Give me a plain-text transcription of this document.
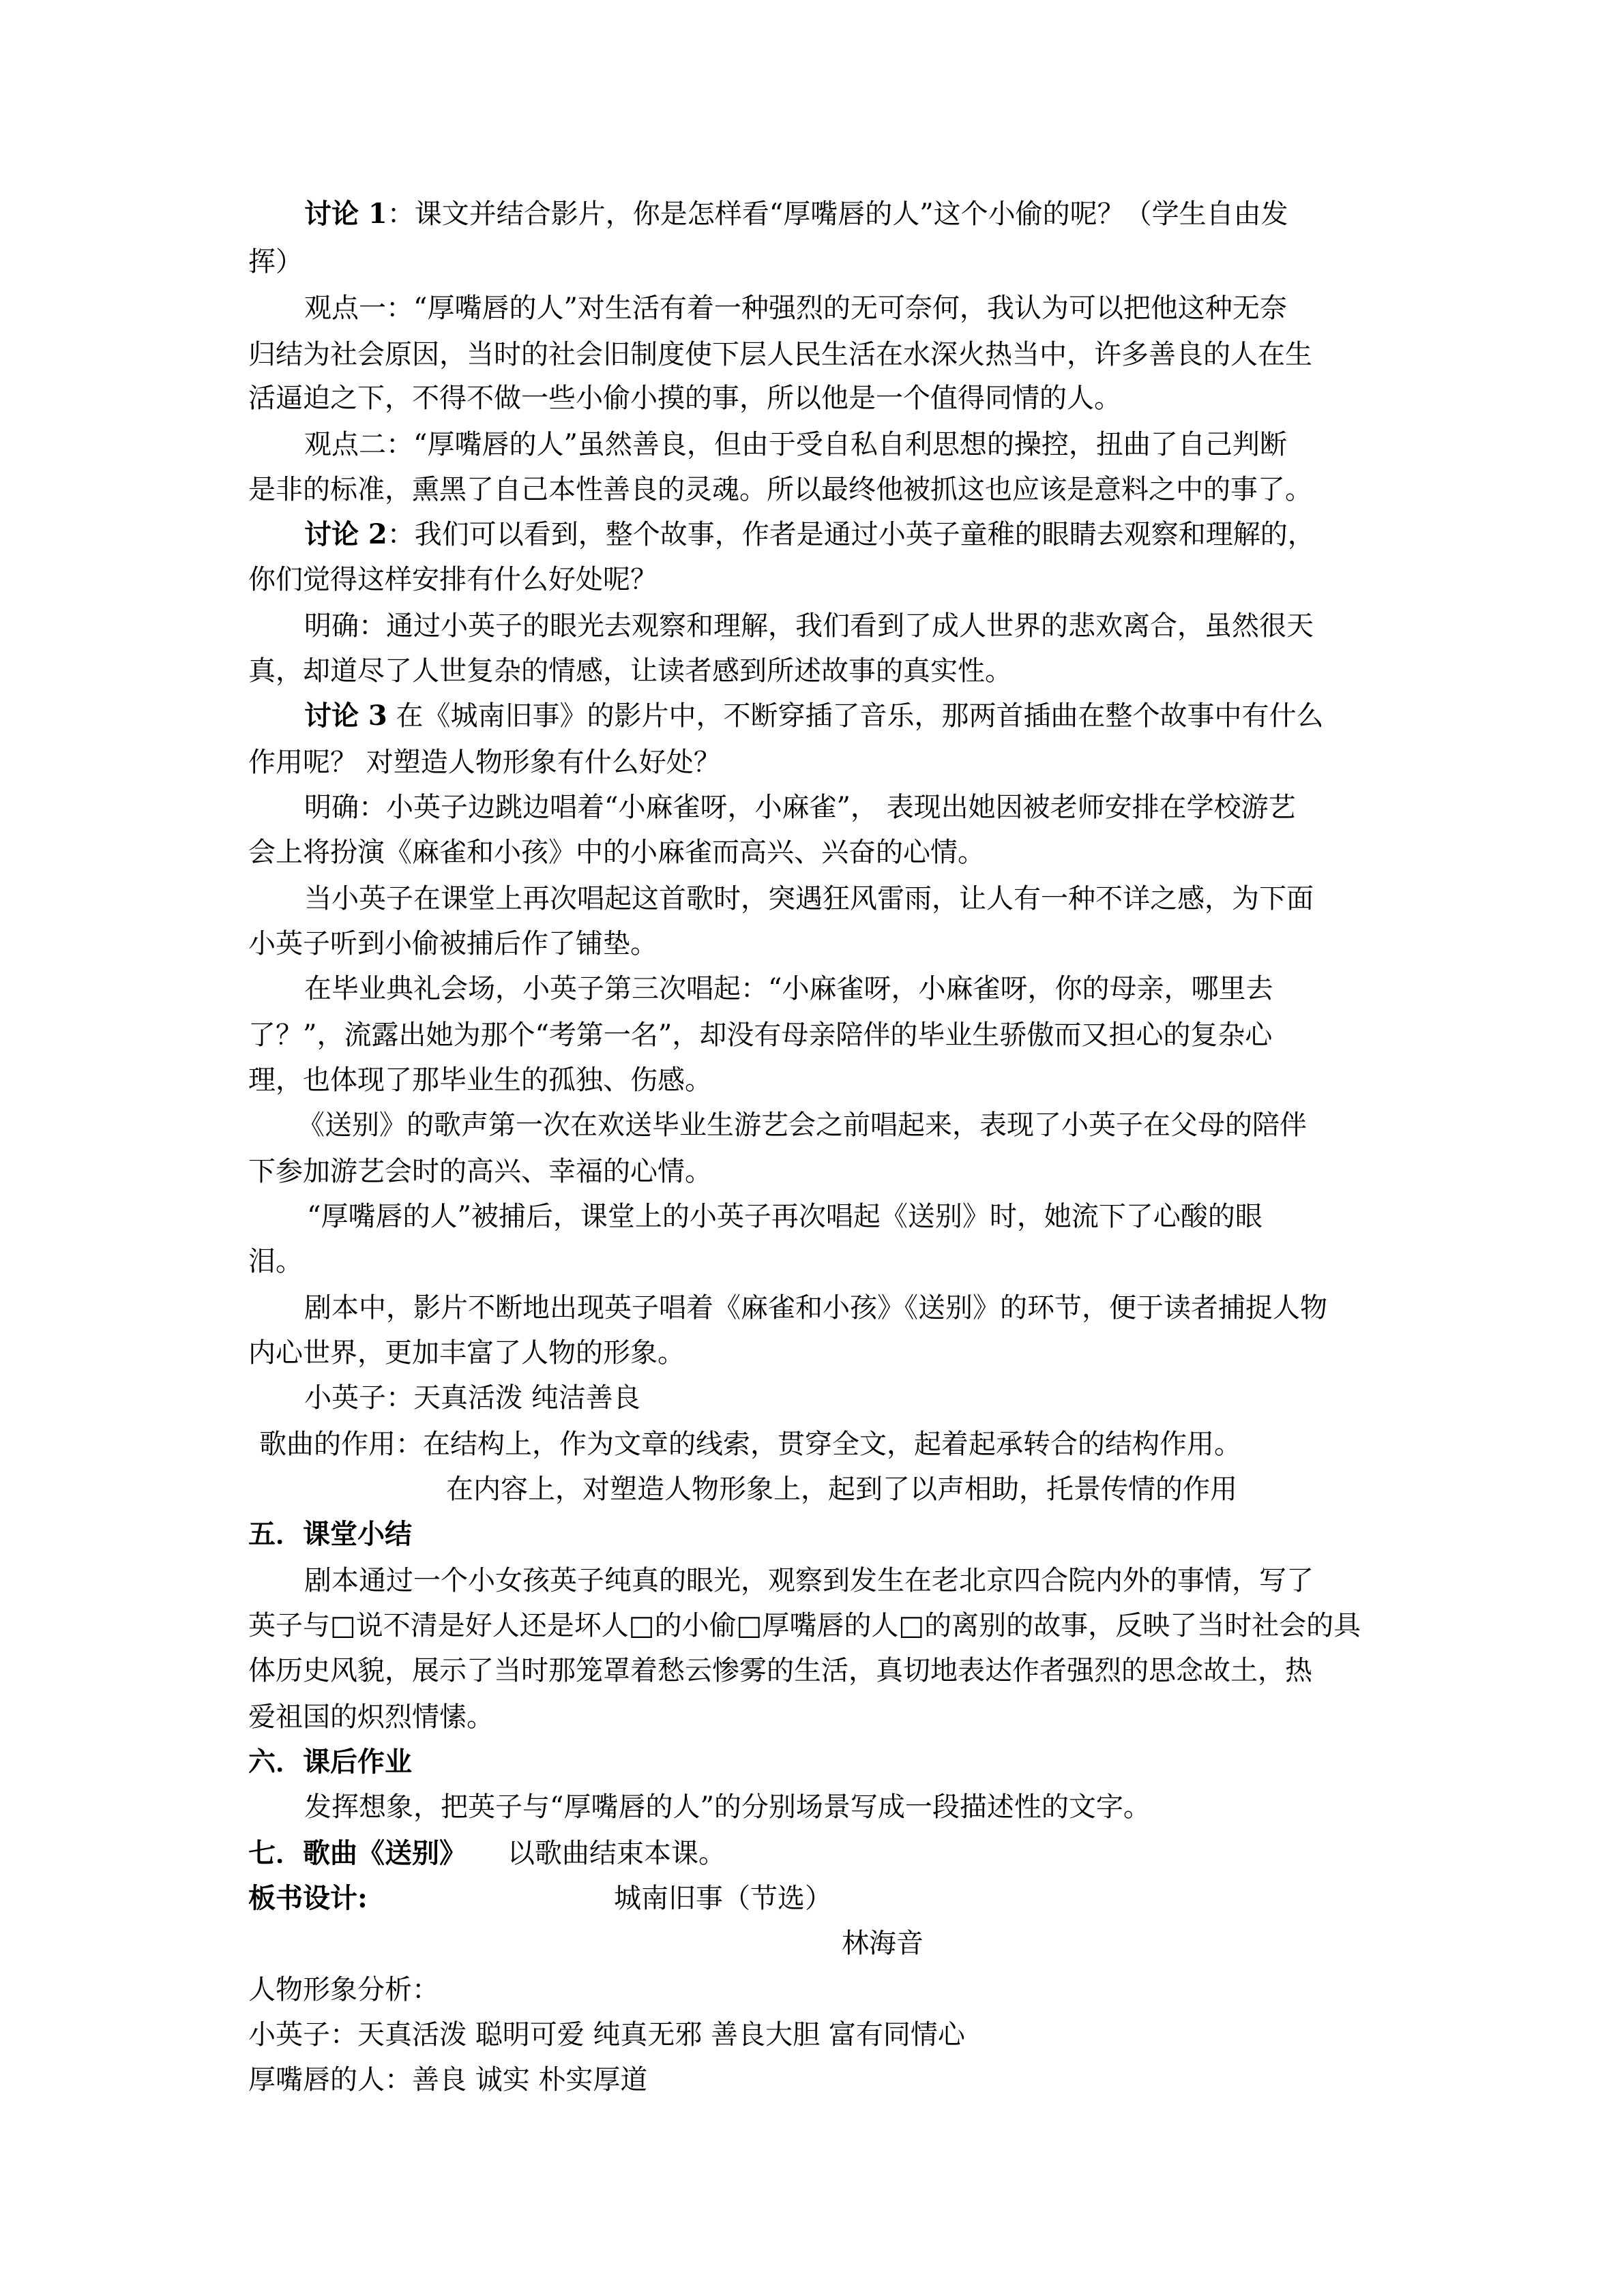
讨论 1：课文并结合影片，你是怎样看“厚嘴唇的人”这个小偷的呢？（学生自由发
挥）
观点一：“厚嘴唇的人”对生活有着一种强烈的无可奈何，我认为可以把他这种无奈
归结为社会原因，当时的社会旧制度使下层人民生活在水深火热当中，许多善良的人在生
活逼迫之下，不得不做一些小偷小摸的事，所以他是一个值得同情的人。
观点二：“厚嘴唇的人”虽然善良，但由于受自私自利思想的操控，扭曲了自己判断
是非的标准，熏黑了自己本性善良的灵魂。所以最终他被抓这也应该是意料之中的事了。
讨论 2：我们可以看到，整个故事，作者是通过小英子童稚的眼睛去观察和理解的，
你们觉得这样安排有什么好处呢？
明确：通过小英子的眼光去观察和理解，我们看到了成人世界的悲欢离合，虽然很天
真，却道尽了人世复杂的情感，让读者感到所述故事的真实性。
讨论 3 在《城南旧事》的影片中，不断穿插了音乐，那两首插曲在整个故事中有什么
作用呢？ 对塑造人物形象有什么好处？
明确：小英子边跳边唱着“小麻雀呀，小麻雀”， 表现出她因被老师安排在学校游艺
会上将扮演《麻雀和小孩》中的小麻雀而高兴、兴奋的心情。
当小英子在课堂上再次唱起这首歌时，突遇狂风雷雨，让人有一种不详之感，为下面
小英子听到小偷被捕后作了铺垫。
在毕业典礼会场，小英子第三次唱起：“小麻雀呀，小麻雀呀，你的母亲，哪里去
了？”，流露出她为那个“考第一名”，却没有母亲陪伴的毕业生骄傲而又担心的复杂心
理，也体现了那毕业生的孤独、伤感。
《送别》的歌声第一次在欢送毕业生游艺会之前唱起来，表现了小英子在父母的陪伴
下参加游艺会时的高兴、幸福的心情。
“厚嘴唇的人”被捕后，课堂上的小英子再次唱起《送别》时，她流下了心酸的眼
泪。
剧本中，影片不断地出现英子唱着《麻雀和小孩》《送别》的环节，便于读者捕捉人物
内心世界，更加丰富了人物的形象。
小英子：天真活泼 纯洁善良
歌曲的作用：在结构上，作为文章的线索，贯穿全文，起着起承转合的结构作用。
在内容上，对塑造人物形象上，起到了以声相助，托景传情的作用
五．课堂小结
剧本通过一个小女孩英子纯真的眼光，观察到发生在老北京四合院内外的事情，写了
英子与□说不清是好人还是坏人□的小偷□厚嘴唇的人□的离别的故事，反映了当时社会的具
体历史风貌，展示了当时那笼罩着愁云惨雾的生活，真切地表达作者强烈的思念故土，热
爱祖国的炽烈情愫。
六．课后作业
发挥想象，把英子与“厚嘴唇的人”的分别场景写成一段描述性的文字。
七．歌曲《送别》 以歌曲结束本课。
板书设计:	城南旧事（节选）
林海音
人物形象分析：
小英子：天真活泼 聪明可爱 纯真无邪 善良大胆 富有同情心
厚嘴唇的人：善良 诚实 朴实厚道
